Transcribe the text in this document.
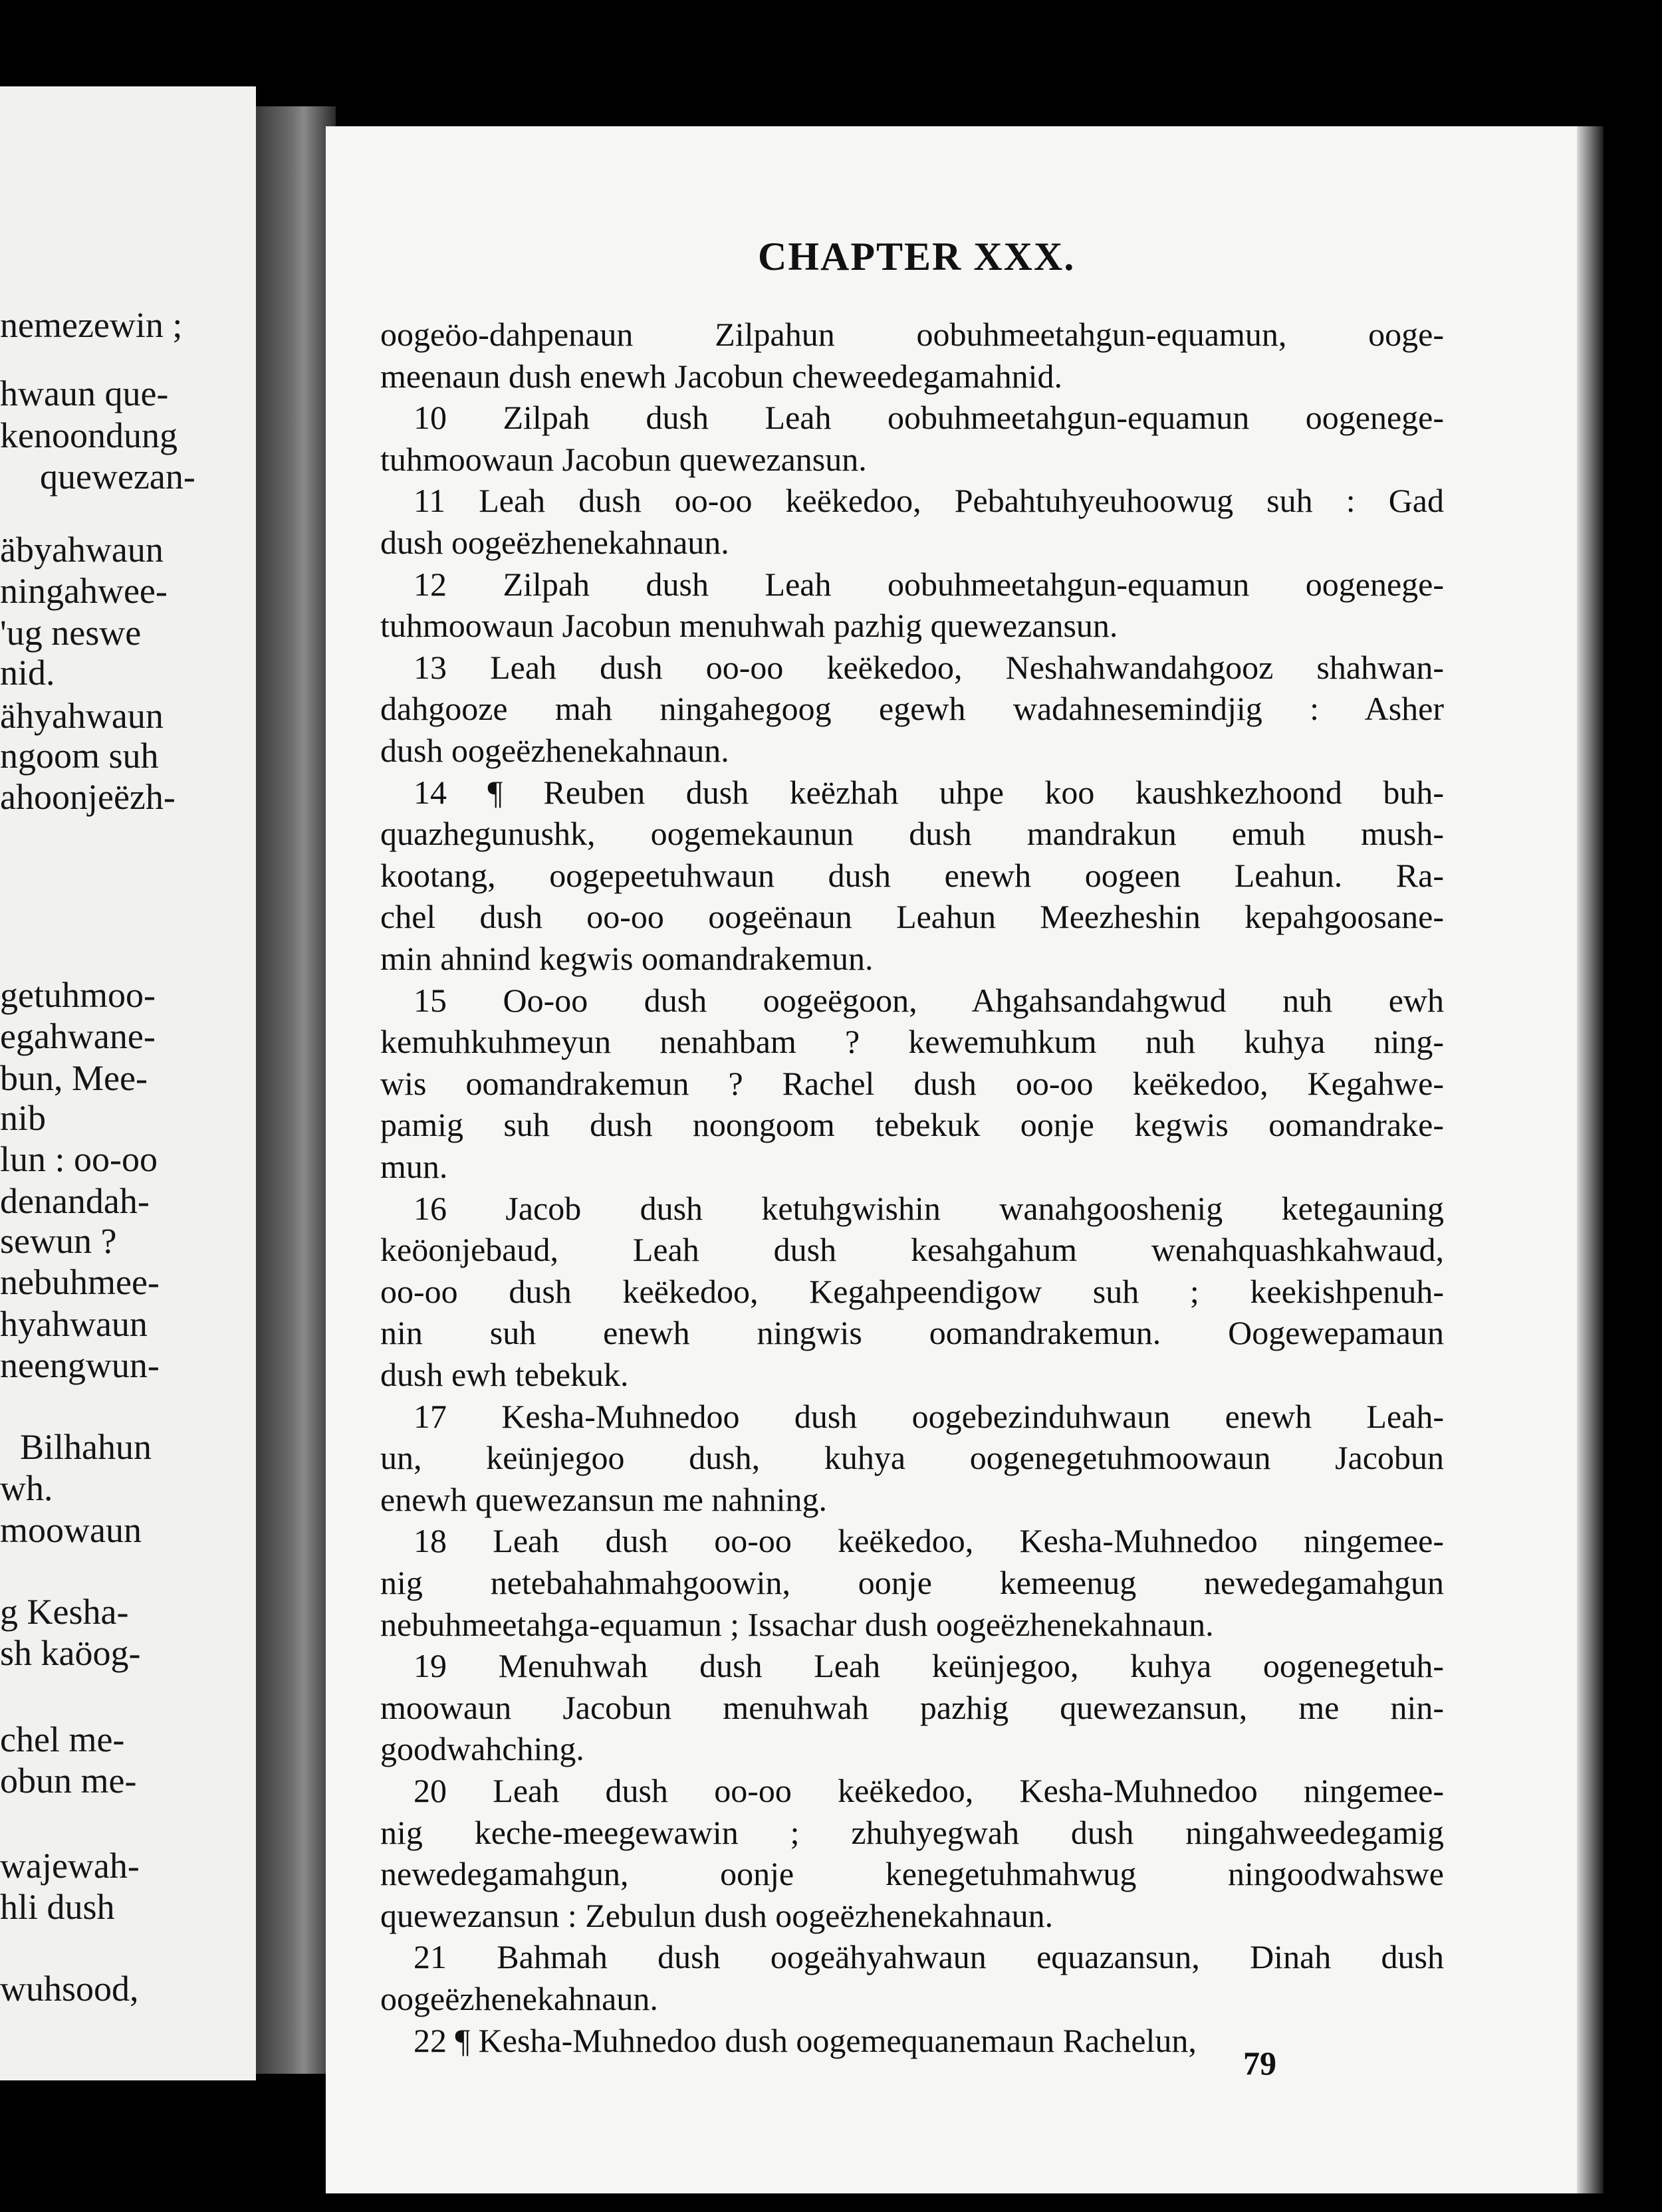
nemezewin ;
hwaun que-
kenoondung
quewezan-
äbyahwaun
ningahwee-
'ug neswe
nid.
ähyahwaun
ngoom suh
ahoonjeëzh-
getuhmoo-
egahwane-
bun, Mee-
nib
lun : oo-oo
denandah-
sewun ?
nebuhmee-
hyahwaun
neengwun-
Bilhahun
wh.
moowaun
g Kesha-
sh kaöog-
chel me-
obun me-
wajewah-
hli dush
wuhsood,
CHAPTER XXX.
oogeöo-dahpenaun Zilpahun oobuhmeetahgun-equamun, ooge-
meenaun dush enewh Jacobun cheweedegamahnid.
10 Zilpah dush Leah oobuhmeetahgun-equamun oogenege-
tuhmoowaun Jacobun quewezansun.
11 Leah dush oo-oo keëkedoo, Pebahtuhyeuhoowug suh : Gad
dush oogeëzhenekahnaun.
12 Zilpah dush Leah oobuhmeetahgun-equamun oogenege-
tuhmoowaun Jacobun menuhwah pazhig quewezansun.
13 Leah dush oo-oo keëkedoo, Neshahwandahgooz shahwan-
dahgooze mah ningahegoog egewh wadahnesemindjig : Asher
dush oogeëzhenekahnaun.
14 ¶ Reuben dush keëzhah uhpe koo kaushkezhoond buh-
quazhegunushk, oogemekaunun dush mandrakun emuh mush-
kootang, oogepeetuhwaun dush enewh oogeen Leahun. Ra-
chel dush oo-oo oogeënaun Leahun Meezheshin kepahgoosane-
min ahnind kegwis oomandrakemun.
15 Oo-oo dush oogeëgoon, Ahgahsandahgwud nuh ewh
kemuhkuhmeyun nenahbam ? kewemuhkum nuh kuhya ning-
wis oomandrakemun ? Rachel dush oo-oo keëkedoo, Kegahwe-
pamig suh dush noongoom tebekuk oonje kegwis oomandrake-
mun.
16 Jacob dush ketuhgwishin wanahgooshenig ketegauning
keöonjebaud, Leah dush kesahgahum wenahquashkahwaud,
oo-oo dush keëkedoo, Kegahpeendigow suh ; keekishpenuh-
nin suh enewh ningwis oomandrakemun. Oogewepamaun
dush ewh tebekuk.
17 Kesha-Muhnedoo dush oogebezinduhwaun enewh Leah-
un, keünjegoo dush, kuhya oogenegetuhmoowaun Jacobun
enewh quewezansun me nahning.
18 Leah dush oo-oo keëkedoo, Kesha-Muhnedoo ningemee-
nig netebahahmahgoowin, oonje kemeenug newedegamahgun
nebuhmeetahga-equamun ; Issachar dush oogeëzhenekahnaun.
19 Menuhwah dush Leah keünjegoo, kuhya oogenegetuh-
moowaun Jacobun menuhwah pazhig quewezansun, me nin-
goodwahching.
20 Leah dush oo-oo keëkedoo, Kesha-Muhnedoo ningemee-
nig keche-meegewawin ; zhuhyegwah dush ningahweedegamig
newedegamahgun, oonje kenegetuhmahwug ningoodwahswe
quewezansun : Zebulun dush oogeëzhenekahnaun.
21 Bahmah dush oogeähyahwaun equazansun, Dinah dush
oogeëzhenekahnaun.
22 ¶ Kesha-Muhnedoo dush oogemequanemaun Rachelun,
79
